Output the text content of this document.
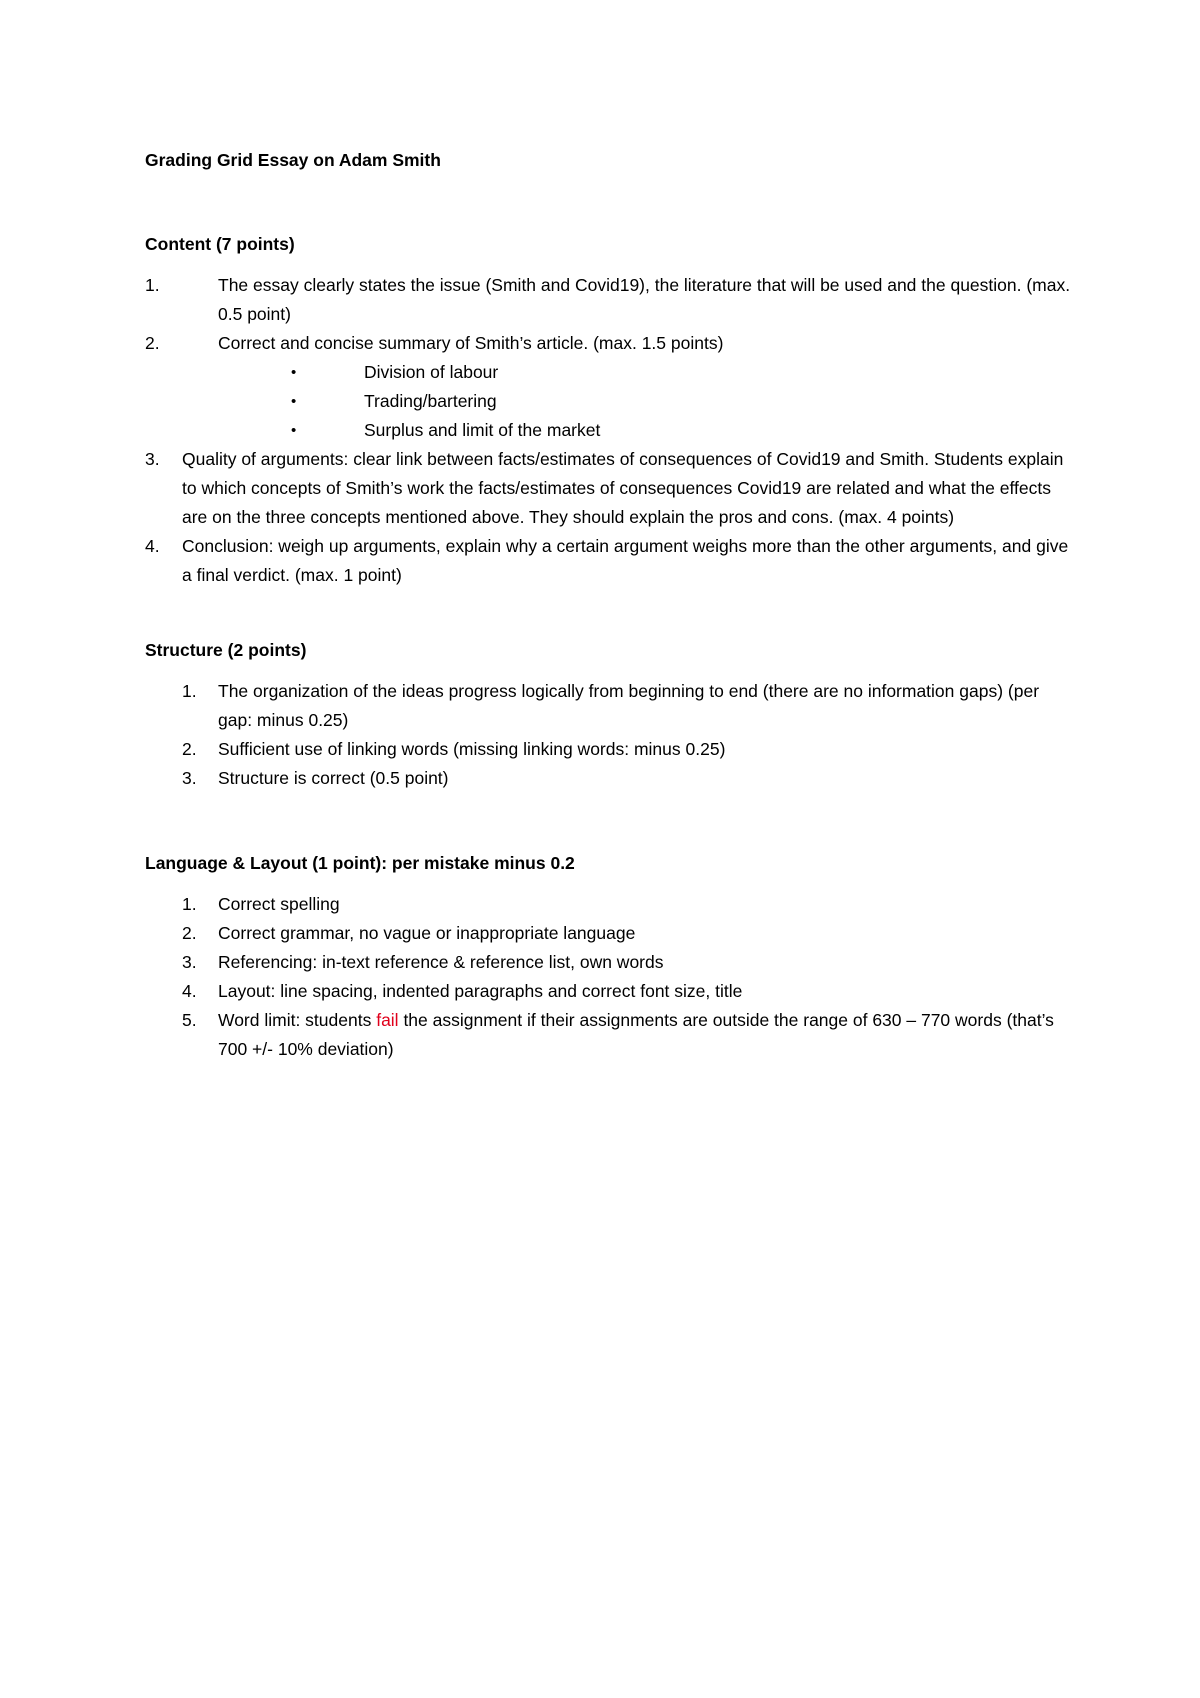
Grading Grid Essay on Adam Smith

Content (7 points)

1.	The essay clearly states the issue (Smith and Covid19), the literature that will be used and the question. (max. 0.5 point)
2.	Correct and concise summary of Smith’s article. (max. 1.5 points)
•	Division of labour
•	Trading/bartering
•	Surplus and limit of the market
3. Quality of arguments: clear link between facts/estimates of consequences of Covid19 and Smith. Students explain to which concepts of Smith’s work the facts/estimates of consequences Covid19 are related and what the effects are on the three concepts mentioned above. They should explain the pros and cons. (max. 4 points)
4. Conclusion: weigh up arguments, explain why a certain argument weighs more than the other arguments, and give a final verdict. (max. 1 point)

Structure (2 points)

1. The organization of the ideas progress logically from beginning to end (there are no information gaps) (per gap: minus 0.25)
2. Sufficient use of linking words (missing linking words: minus 0.25)
3. Structure is correct (0.5 point)

Language & Layout (1 point): per mistake minus 0.2

1. Correct spelling
2. Correct grammar, no vague or inappropriate language
3. Referencing: in-text reference & reference list, own words
4. Layout: line spacing, indented paragraphs and correct font size, title
5. Word limit: students fail the assignment if their assignments are outside the range of 630 – 770 words (that’s 700 +/- 10% deviation)
